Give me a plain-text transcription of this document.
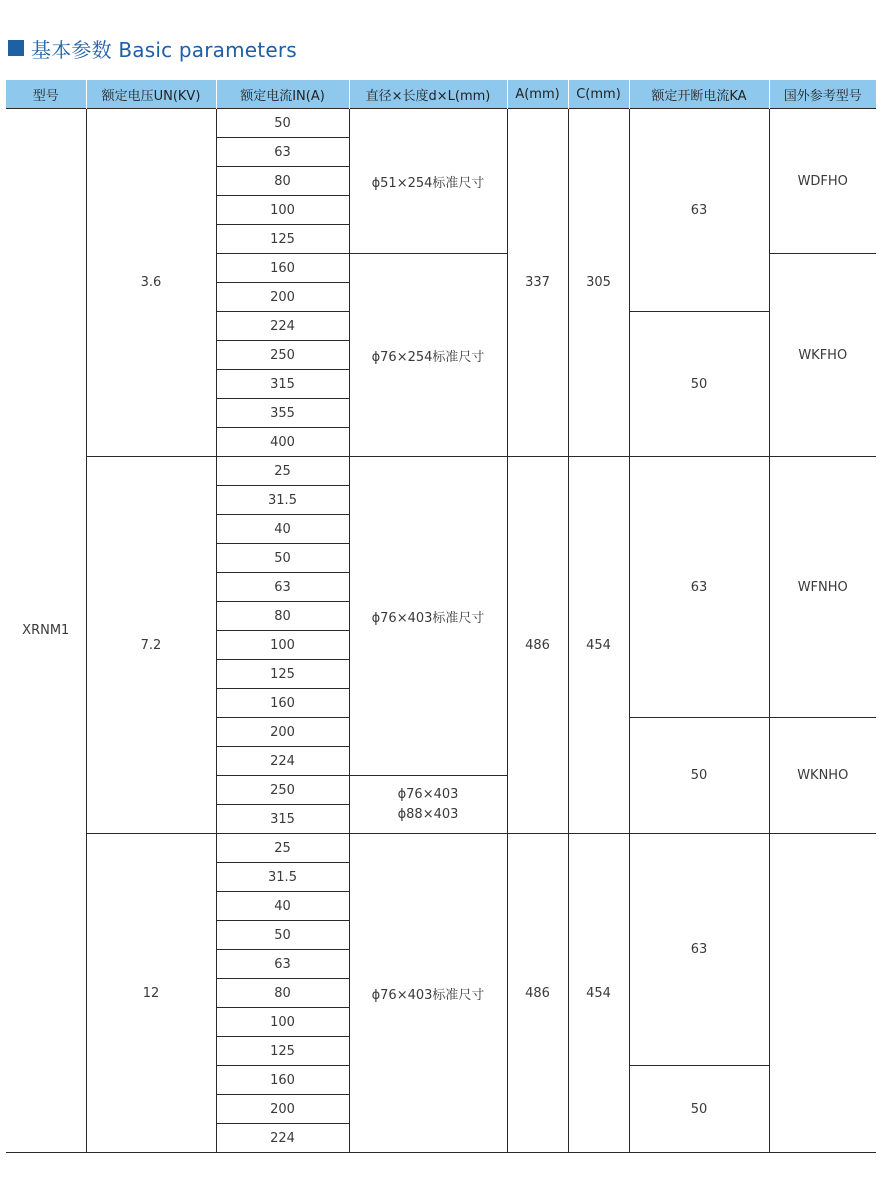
基本参数 Basic parameters
型号	额定电压UN(KV)	额定电流IN(A)	直径×长度d×L(mm)	A(mm)	C(mm)	额定开断电流KA	国外参考型号
XRNM1	3.6	50	ϕ51×254标准尺寸	337	305	63	WDFHO
		63					
		80					
		100					
		125					
		160	ϕ76×254标准尺寸				WKFHO
		200					
		224				50	
		250					
		315					
		355					
		400					
	7.2	25	ϕ76×403标准尺寸	486	454	63	WFNHO
		31.5					
		40					
		50					
		63					
		80					
		100					
		125					
		160					
		200				50	WKNHO
		224					
		250	ϕ76×403
ϕ88×403				

		315					
	12	25	ϕ76×403标准尺寸	486	454	63	
		31.5					
		40					
		50					
		63					
		80					
		100					
		125					
		160				50	
		200					
		224					
